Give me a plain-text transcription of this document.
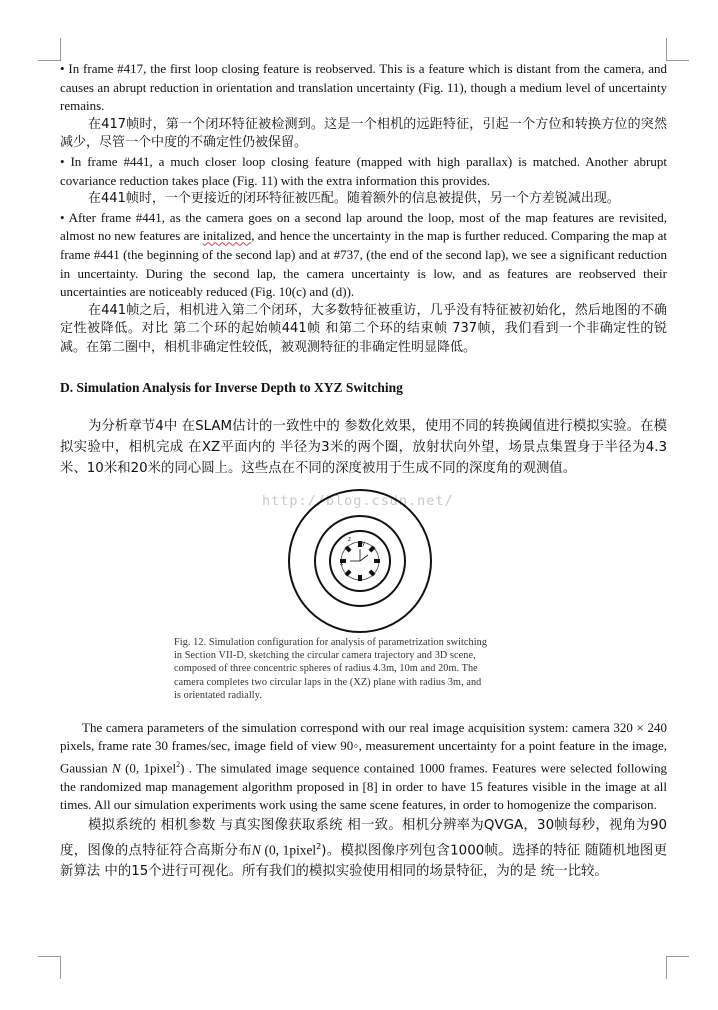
• In frame #417, the first loop closing feature is reobserved. This is a feature which is distant from the camera, and causes an abrupt reduction in orientation and translation uncertainty (Fig. 11), though a medium level of uncertainty remains.

在417帧时，第一个闭环特征被检测到。这是一个相机的远距特征，引起一个方位和转换方位的突然减少，尽管一个中度的不确定性仍被保留。

• In frame #441, a much closer loop closing feature (mapped with high parallax) is matched. Another abrupt covariance reduction takes place (Fig. 11) with the extra information this provides.

在441帧时，一个更接近的闭环特征被匹配。随着额外的信息被提供，另一个方差锐减出现。

• After frame #441, as the camera goes on a second lap around the loop, most of the map features are revisited, almost no new features are initalized, and hence the uncertainty in the map is further reduced. Comparing the map at frame #441 (the beginning of the second lap) and at #737, (the end of the second lap), we see a significant reduction in uncertainty. During the second lap, the camera uncertainty is low, and as features are reobserved their uncertainties are noticeably reduced (Fig. 10(c) and (d)).

在441帧之后，相机进入第二个闭环，大多数特征被重访，几乎没有特征被初始化，然后地图的不确定性被降低。对比 第二个环的起始帧441帧 和第二个环的结束帧 737帧，我们看到一个非确定性的锐减。在第二圈中，相机非确定性较低，被观测特征的非确定性明显降低。

D. Simulation Analysis for Inverse Depth to XYZ Switching

为分析章节4中 在SLAM估计的一致性中的 参数化效果，使用不同的转换阈值进行模拟实验。在模拟实验中，相机完成 在XZ平面内的 半径为3米的两个圈，放射状向外望，场景点集置身于半径为4.3米、10米和20米的同心圆上。这些点在不同的深度被用于生成不同的深度角的观测值。

http://blog.csdn.net/
z
y
x
Fig. 12. Simulation configuration for analysis of parametrization switching
in Section VII-D, sketching the circular camera trajectory and 3D scene,
composed of three concentric spheres of radius 4.3m, 10m and 20m. The
camera completes two circular laps in the (XZ) plane with radius 3m, and
is orientated radially.

The camera parameters of the simulation correspond with our real image acquisition system: camera 320 × 240 pixels, frame rate 30 frames/sec, image field of view 90◦, measurement uncertainty for a point feature in the image, Gaussian N (0, 1pixel$^2$) . The simulated image sequence contained 1000 frames. Features were selected following the randomized map management algorithm proposed in [8] in order to have 15 features visible in the image at all times. All our simulation experiments work using the same scene features, in order to homogenize the comparison.

模拟系统的 相机参数 与真实图像获取系统 相一致。相机分辨率为QVGA，30帧每秒，视角为90度，图像的点特征符合高斯分布N (0, 1pixel$^2$)。模拟图像序列包含1000帧。选择的特征 随随机地图更新算法 中的15个进行可视化。所有我们的模拟实验使用相同的场景特征，为的是 统一比较。
